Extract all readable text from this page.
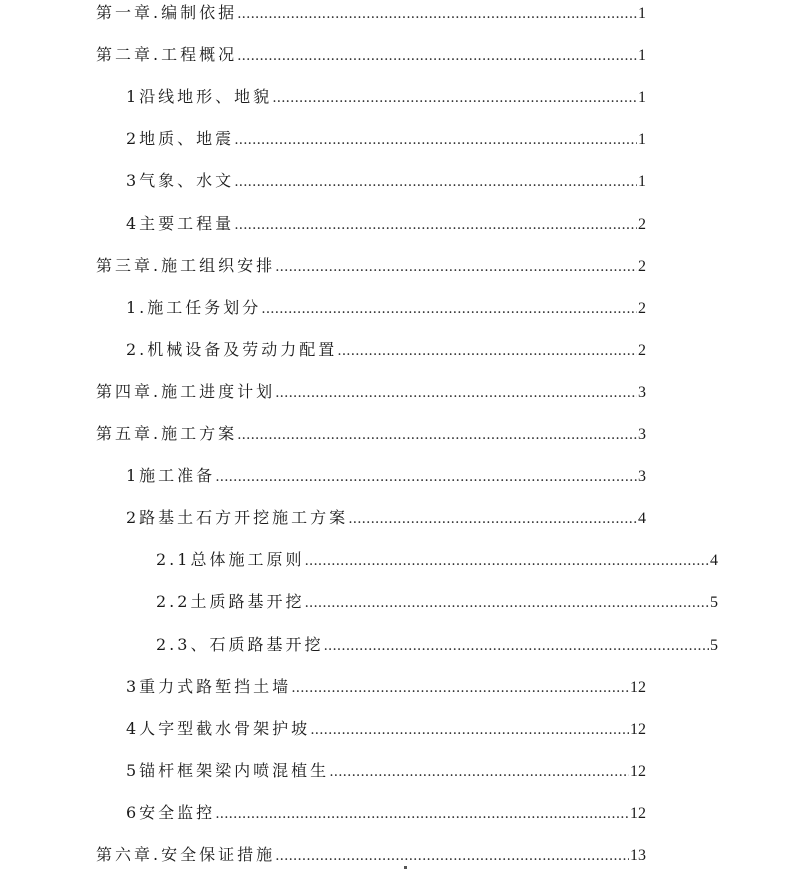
第一章.编制依据 .....	1
第二章.工程概况 .....	1
1沿线地形、地貌 .....	1
2地质、地震 .....	1
3气象、水文 .....	1
4主要工程量 .....	2
第三章.施工组织安排 .....	2
1.施工任务划分 .....	2
2.机械设备及劳动力配置 .....	2
第四章.施工进度计划 .....	3
第五章.施工方案 .....	3
1施工准备 .....	3
2路基土石方开挖施工方案 .....	4
2.1总体施工原则 .....	4
2.2土质路基开挖 .....	5
2.3、石质路基开挖 .....	5
3重力式路堑挡土墙 .....	12
4人字型截水骨架护坡 .....	12
5锚杆框架梁内喷混植生 .....	12
6安全监控 .....	12
第六章.安全保证措施 .....	13
